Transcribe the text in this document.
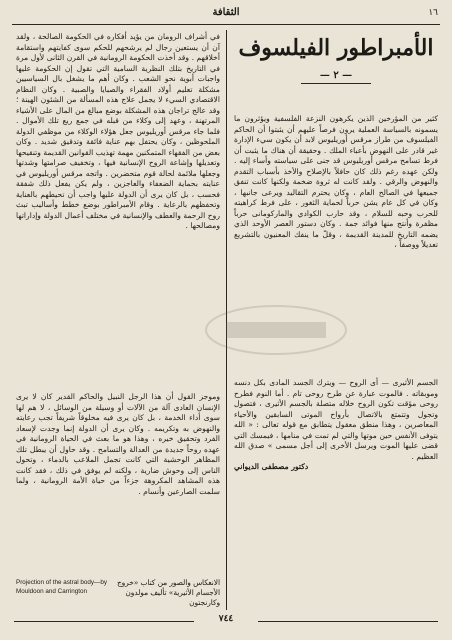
١٦
الثقافة
الأمبراطور الفيلسوف
— ٢ —

كثير من المؤرخين الذين يكرهون النزعة الفلسفية ويؤثرون ما يسمونه بالسياسة العملية يرون فرصاً عليهم أن يثبتوا أن الحاكم الفيلسوف من طراز مرقس أوريليوس لابد أن يكون سيء الإدارة غير قادر على النهوض بأعباء الملك . وحقيقة أن هناك ما يثبت أن فرط تسامح مرقس أوريليوس قد جنى على سياسته وأساء إليه . ولكن عهده رغم ذلك كان حافلاً بالإصلاح والأخذ بأسباب التقدم والنهوض والرقي . ولقد كانت له ثروة ضخمة ولكنها كانت تنفق جميعها في الصالح العام ، وكان يحترم التقاليد ويرعى جانبها ، وكان في كل عام يشن حرباً لحماية الثغور ، على فرط كراهيته للحرب وحبه للسلام ، وقد حارب الكوادي والماركومانى حرباً مظفرة وأنتج منها فوائد جمة . وكان دستور العصر الأوحد الذي يضمه التاريخ للمدينة القديمة ، وقلّ ما ينفك المعنيون بالتشريع تعديلاً ووصفاً ،

في أشراف الرومان من يؤيد أفكاره في الحكومة الصالحة ، ولقد آن أن يستعين رجال لم يرشحهم للحكم سوى كفايتهم واستقامة أخلاقهم . وقد أخذت الحكومة الرومانية في القرن الثانى لأول مرة في التاريخ بتلك النظرية السامية التي تقول إن الحكومة عليها واجبات أبوية نحو الشعب . وكان أهم ما يشغل بال السياسيين مشكلة تعليم أولاد الفقراء والصبايا والصبية . وكان النظام الاقتصادي السيء لا يجمل علاج هذه المسألة من الشئون الهينة ؛ وقد عالج تراجان هذه المشكلة بوضع مبالغ من المال على الأشياء المرتهنة ، وعهد إلى وكلاء من قبله في جمع ريع تلك الأموال . فلما جاء مرقس أوريليوس جعل هؤلاء الوكلاء من موظفي الدولة الملحوظين ، وكان يحتفل بهم عناية فائقة وتدقيق شديد . وكان بعض من الفقهاء المتمكنين مهمة تهذيب القوانين القديمة وتنقيحها وتعديلها وإشاعة الروح الإنسانية فيها ، وتخفيف صرامتها وشدتها وجعلها ملائمة لحالة قوم متحضرين . واتجه مرقس أوريليوس في عنايته بحماية الضعفاء والعاجزين ، ولم يكن يفعل ذلك شفقة فحسب ، بل كان يرى أن الدولة عليها واجب أن تحيطهم بالعناية وتحفظهم بالرعاية . وقام الأمبراطور بوضع خطط وأساليب تبث روح الرحمة والعطف والإنسانية في مختلف أعمال الدولة وإداراتها ومصالحها .

وموجز القول أن هذا الرجل النبيل والحاكم القدير كان لا يرى الإنسان العادى آلة من الآلات أو وسيلة من الوسائل ، لا هم لها سوى أداء الخدمة ، بل كان يرى فيه مخلوقاً شريفاً تجب رعايته والنهوض به وتكريمه . وكان يرى أن الدولة إنما وجدت لإسعاد الفرد وتحقيق خيره ، وهذا هو ما بعث في الحياة الرومانية في عهده روحاً جديدة من العدالة والتسامح . وقد حاول أن يبطل تلك المظاهر الوحشية التي كانت تجمل الملاعب بالدماء ، وتحول الناس إلى وحوش ضارية ، ولكنه لم يوفق في ذلك ، فقد كانت هذه المشاهد المكروهة جزءاً من حياة الأمة الرومانية ، ولما سلمت الصارعين وأنسام .

الجسم الأثيرى — أى الروح — ويترك الجسد المادى بكل دنسه وموبقاته . فالموت عبارة عن طرح روحى تام . أما النوم فطرح روحى مؤقت تكون الروح خلاله متصلة بالجسم الأثيرى ، فتصول وتجول وتتمتع بالاتصال بأرواح الموتى السابقين والأحياء المعاصرين ، وهذا منطق معقول يتطابق مع قوله تعالى : « الله يتوفى الأنفس حين موتها والتي لم تمت في منامها ، فيمسك التي قضى عليها الموت ويرسل الأخرى إلى أجل مسمى » صدق الله العظيم .

دكتور مصطفى الديواني

الانعكاس والصور من كتاب «خروج الأجسام الأثيرية» تأليف مولدون وكارنجتون
Projection of the astral body—by Mouldoon and Carrington
٧٤٤
